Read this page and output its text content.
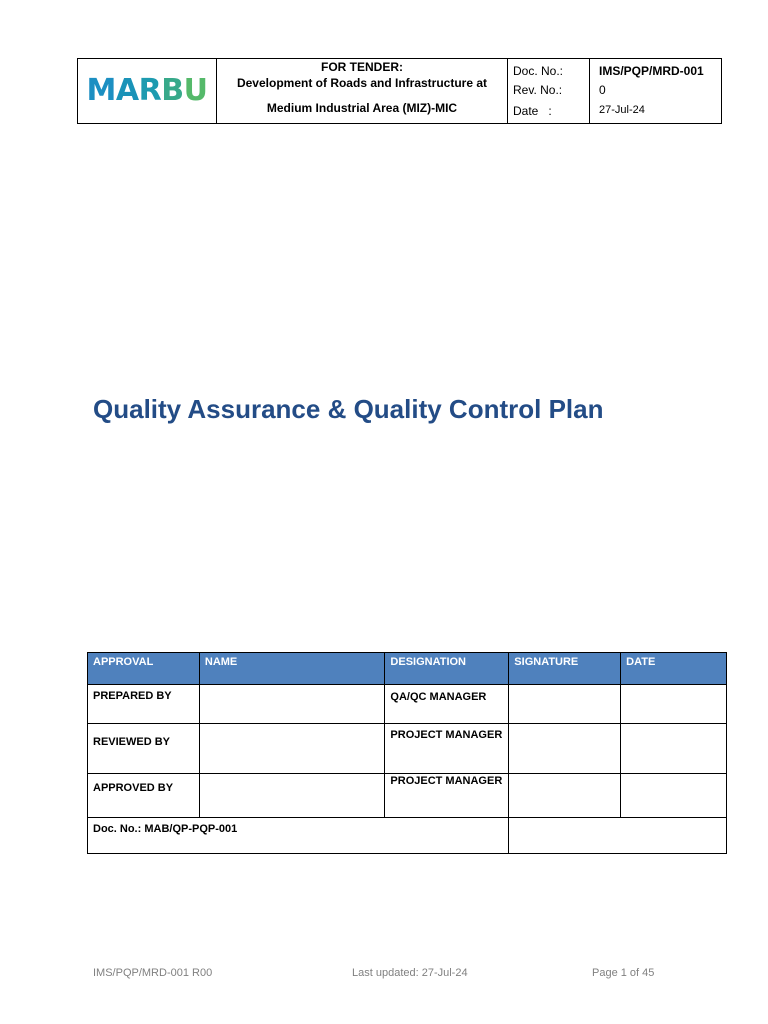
M A R B U
FOR TENDER:
Development of Roads and Infrastructure at
Medium Industrial Area (MIZ)-MIC
Doc. No.:	IMS/PQP/MRD-001
Rev. No.:	0
Date   :	27-Jul-24
Quality Assurance & Quality Control Plan
APPROVAL	NAME	DESIGNATION	SIGNATURE	DATE
PREPARED BY		QA/QC MANAGER		
REVIEWED BY		PROJECT MANAGER		
APPROVED BY		PROJECT MANAGER		
Doc. No.: MAB/QP-PQP-001				
IMS/PQP/MRD-001 R00	Last updated: 27-Jul-24	Page 1 of 45
